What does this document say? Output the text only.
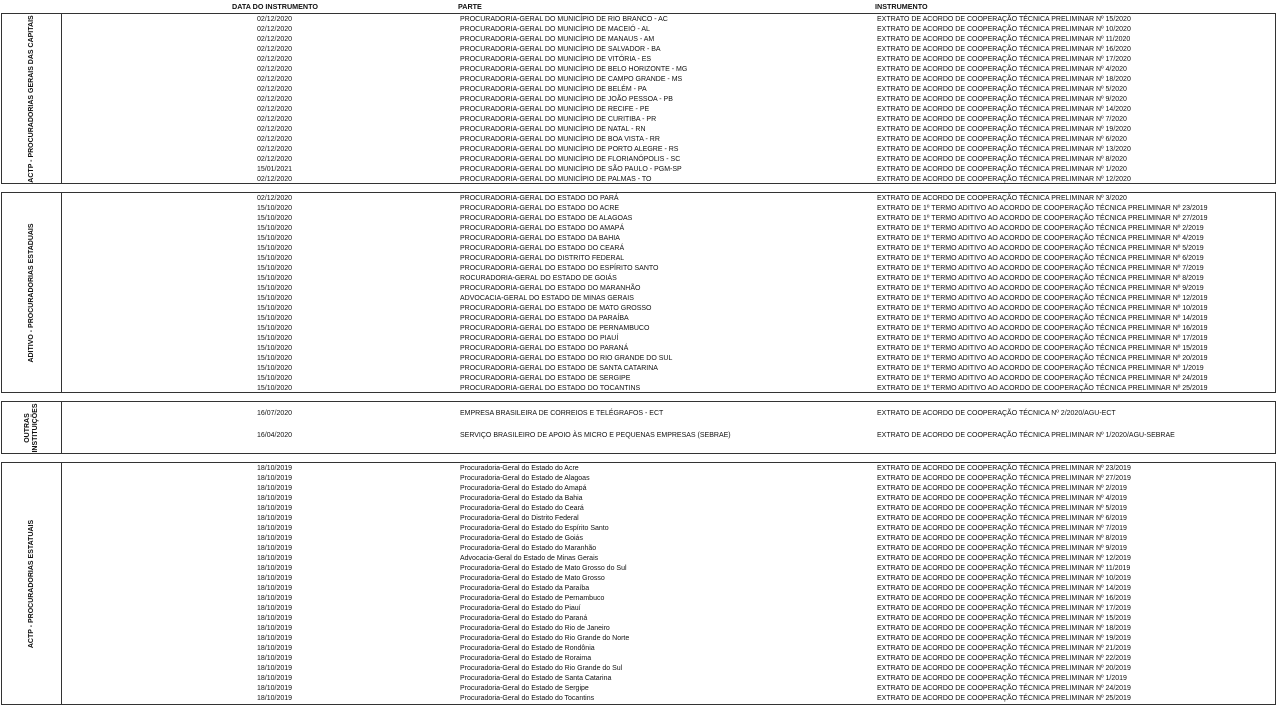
DATA DO INSTRUMENTO	PARTE	INSTRUMENTO
ACTP - PROCURADORIAS GERAIS DAS CAPITAIS	02/12/2020	PROCURADORIA-GERAL DO MUNICÍPIO DE RIO BRANCO - AC	EXTRATO DE ACORDO DE COOPERAÇÃO TÉCNICA PRELIMINAR Nº 15/2020
02/12/2020	PROCURADORIA-GERAL DO MUNICÍPIO DE MACEIÓ - AL	EXTRATO DE ACORDO DE COOPERAÇÃO TÉCNICA PRELIMINAR Nº 10/2020
02/12/2020	PROCURADORIA-GERAL DO MUNICÍPIO DE MANAUS - AM	EXTRATO DE ACORDO DE COOPERAÇÃO TÉCNICA PRELIMINAR Nº 11/2020
02/12/2020	PROCURADORIA-GERAL DO MUNICÍPIO DE SALVADOR - BA	EXTRATO DE ACORDO DE COOPERAÇÃO TÉCNICA PRELIMINAR Nº 16/2020
02/12/2020	PROCURADORIA-GERAL DO MUNICÍPIO DE VITÓRIA - ES	EXTRATO DE ACORDO DE COOPERAÇÃO TÉCNICA PRELIMINAR Nº 17/2020
02/12/2020	PROCURADORIA-GERAL DO MUNICÍPIO DE BELO HORIZONTE - MG	EXTRATO DE ACORDO DE COOPERAÇÃO TÉCNICA PRELIMINAR Nº 4/2020
02/12/2020	PROCURADORIA-GERAL DO MUNICÍPIO DE CAMPO GRANDE - MS	EXTRATO DE ACORDO DE COOPERAÇÃO TÉCNICA PRELIMINAR Nº 18/2020
02/12/2020	PROCURADORIA-GERAL DO MUNICÍPIO DE BELÉM - PA	EXTRATO DE ACORDO DE COOPERAÇÃO TÉCNICA PRELIMINAR Nº 5/2020
02/12/2020	PROCURADORIA-GERAL DO MUNICÍPIO DE JOÃO PESSOA - PB	EXTRATO DE ACORDO DE COOPERAÇÃO TÉCNICA PRELIMINAR Nº 9/2020
02/12/2020	PROCURADORIA-GERAL DO MUNICÍPIO DE RECIFE - PE	EXTRATO DE ACORDO DE COOPERAÇÃO TÉCNICA PRELIMINAR Nº 14/2020
02/12/2020	PROCURADORIA-GERAL DO MUNICÍPIO DE CURITIBA - PR	EXTRATO DE ACORDO DE COOPERAÇÃO TÉCNICA PRELIMINAR Nº 7/2020
02/12/2020	PROCURADORIA-GERAL DO MUNICÍPIO DE NATAL - RN	EXTRATO DE ACORDO DE COOPERAÇÃO TÉCNICA PRELIMINAR Nº 19/2020
02/12/2020	PROCURADORIA-GERAL DO MUNICÍPIO DE BOA VISTA - RR	EXTRATO DE ACORDO DE COOPERAÇÃO TÉCNICA PRELIMINAR Nº 6/2020
02/12/2020	PROCURADORIA-GERAL DO MUNICÍPIO DE PORTO ALEGRE - RS	EXTRATO DE ACORDO DE COOPERAÇÃO TÉCNICA PRELIMINAR Nº 13/2020
02/12/2020	PROCURADORIA-GERAL DO MUNICÍPIO DE FLORIANÓPOLIS - SC	EXTRATO DE ACORDO DE COOPERAÇÃO TÉCNICA PRELIMINAR Nº 8/2020
15/01/2021	PROCURADORIA-GERAL DO MUNICÍPIO DE SÃO PAULO - PGM-SP	EXTRATO DE ACORDO DE COOPERAÇÃO TÉCNICA PRELIMINAR Nº 1/2020
02/12/2020	PROCURADORIA-GERAL DO MUNICÍPIO DE PALMAS - TO	EXTRATO DE ACORDO DE COOPERAÇÃO TÉCNICA PRELIMINAR Nº 12/2020
ADITIVO - PROCURADORIAS ESTADUAIS
02/12/2020	PROCURADORIA-GERAL DO ESTADO DO PARÁ	EXTRATO DE ACORDO DE COOPERAÇÃO TÉCNICA PRELIMINAR Nº 3/2020
15/10/2020	PROCURADORIA-GERAL DO ESTADO DO ACRE	EXTRATO DE 1º TERMO ADITIVO AO ACORDO DE COOPERAÇÃO TÉCNICA PRELIMINAR Nº 23/2019
15/10/2020	PROCURADORIA-GERAL DO ESTADO DE ALAGOAS	EXTRATO DE 1º TERMO ADITIVO AO ACORDO DE COOPERAÇÃO TÉCNICA PRELIMINAR Nº 27/2019
15/10/2020	PROCURADORIA-GERAL DO ESTADO DO AMAPÁ	EXTRATO DE 1º TERMO ADITIVO AO ACORDO DE COOPERAÇÃO TÉCNICA PRELIMINAR Nº 2/2019
15/10/2020	PROCURADORIA-GERAL DO ESTADO DA BAHIA	EXTRATO DE 1º TERMO ADITIVO AO ACORDO DE COOPERAÇÃO TÉCNICA PRELIMINAR Nº 4/2019
15/10/2020	PROCURADORIA-GERAL DO ESTADO DO CEARÁ	EXTRATO DE 1º TERMO ADITIVO AO ACORDO DE COOPERAÇÃO TÉCNICA PRELIMINAR Nº 5/2019
15/10/2020	PROCURADORIA-GERAL DO DISTRITO FEDERAL	EXTRATO DE 1º TERMO ADITIVO AO ACORDO DE COOPERAÇÃO TÉCNICA PRELIMINAR Nº 6/2019
15/10/2020	PROCURADORIA-GERAL DO ESTADO DO ESPÍRITO SANTO	EXTRATO DE 1º TERMO ADITIVO AO ACORDO DE COOPERAÇÃO TÉCNICA PRELIMINAR Nº 7/2019
15/10/2020	ROCURADORIA-GERAL DO ESTADO DE GOIÁS	EXTRATO DE 1º TERMO ADITIVO AO ACORDO DE COOPERAÇÃO TÉCNICA PRELIMINAR Nº 8/2019
15/10/2020	PROCURADORIA-GERAL DO ESTADO DO MARANHÃO	EXTRATO DE 1º TERMO ADITIVO AO ACORDO DE COOPERAÇÃO TÉCNICA PRELIMINAR Nº 9/2019
15/10/2020	ADVOCACIA-GERAL DO ESTADO DE MINAS GERAIS	EXTRATO DE 1º TERMO ADITIVO AO ACORDO DE COOPERAÇÃO TÉCNICA PRELIMINAR Nº 12/2019
15/10/2020	PROCURADORIA-GERAL DO ESTADO DE MATO GROSSO	EXTRATO DE 1º TERMO ADITIVO AO ACORDO DE COOPERAÇÃO TÉCNICA PRELIMINAR Nº 10/2019
15/10/2020	PROCURADORIA-GERAL DO ESTADO DA PARAÍBA	EXTRATO DE 1º TERMO ADITIVO AO ACORDO DE COOPERAÇÃO TÉCNICA PRELIMINAR Nº 14/2019
15/10/2020	PROCURADORIA-GERAL DO ESTADO DE PERNAMBUCO	EXTRATO DE 1º TERMO ADITIVO AO ACORDO DE COOPERAÇÃO TÉCNICA PRELIMINAR Nº 16/2019
15/10/2020	PROCURADORIA-GERAL DO ESTADO DO PIAUÍ	EXTRATO DE 1º TERMO ADITIVO AO ACORDO DE COOPERAÇÃO TÉCNICA PRELIMINAR Nº 17/2019
15/10/2020	PROCURADORIA-GERAL DO ESTADO DO PARANÁ	EXTRATO DE 1º TERMO ADITIVO AO ACORDO DE COOPERAÇÃO TÉCNICA PRELIMINAR Nº 15/2019
15/10/2020	PROCURADORIA-GERAL DO ESTADO DO RIO GRANDE DO SUL	EXTRATO DE 1º TERMO ADITIVO AO ACORDO DE COOPERAÇÃO TÉCNICA PRELIMINAR Nº 20/2019
15/10/2020	PROCURADORIA-GERAL DO ESTADO DE SANTA CATARINA	EXTRATO DE 1º TERMO ADITIVO AO ACORDO DE COOPERAÇÃO TÉCNICA PRELIMINAR Nº 1/2019
15/10/2020	PROCURADORIA-GERAL DO ESTADO DE SERGIPE	EXTRATO DE 1º TERMO ADITIVO AO ACORDO DE COOPERAÇÃO TÉCNICA PRELIMINAR Nº 24/2019
15/10/2020	PROCURADORIA-GERAL DO ESTADO DO TOCANTINS	EXTRATO DE 1º TERMO ADITIVO AO ACORDO DE COOPERAÇÃO TÉCNICA PRELIMINAR Nº 25/2019
OUTRAS INSTITUIÇÕES	16/07/2020	EMPRESA BRASILEIRA DE CORREIOS E TELÉGRAFOS - ECT	EXTRATO DE ACORDO DE COOPERAÇÃO TÉCNICA Nº 2/2020/AGU-ECT
16/04/2020	SERVIÇO BRASILEIRO DE APOIO ÀS MICRO E PEQUENAS EMPRESAS (SEBRAE)	EXTRATO DE ACORDO DE COOPERAÇÃO TÉCNICA PRELIMINAR Nº 1/2020/AGU-SEBRAE
ACTP - PROCURADORIAS ESTATUAIS
18/10/2019	Procuradoria-Geral do Estado do Acre	EXTRATO DE ACORDO DE COOPERAÇÃO TÉCNICA PRELIMINAR Nº 23/2019
18/10/2019	Procuradoria-Geral do Estado de Alagoas	EXTRATO DE ACORDO DE COOPERAÇÃO TÉCNICA PRELIMINAR Nº 27/2019
18/10/2019	Procuradoria-Geral do Estado do Amapá	EXTRATO DE ACORDO DE COOPERAÇÃO TÉCNICA PRELIMINAR Nº 2/2019
18/10/2019	Procuradoria-Geral do Estado da Bahia	EXTRATO DE ACORDO DE COOPERAÇÃO TÉCNICA PRELIMINAR Nº 4/2019
18/10/2019	Procuradoria-Geral do Estado do Ceará	EXTRATO DE ACORDO DE COOPERAÇÃO TÉCNICA PRELIMINAR Nº 5/2019
18/10/2019	Procuradoria-Geral do Distrito Federal	EXTRATO DE ACORDO DE COOPERAÇÃO TÉCNICA PRELIMINAR Nº 6/2019
18/10/2019	Procuradoria-Geral do Estado do Espírito Santo	EXTRATO DE ACORDO DE COOPERAÇÃO TÉCNICA PRELIMINAR Nº 7/2019
18/10/2019	Procuradoria-Geral do Estado de Goiás	EXTRATO DE ACORDO DE COOPERAÇÃO TÉCNICA PRELIMINAR Nº 8/2019
18/10/2019	Procuradoria-Geral do Estado do Maranhão	EXTRATO DE ACORDO DE COOPERAÇÃO TÉCNICA PRELIMINAR Nº 9/2019
18/10/2019	Advocacia-Geral do Estado de Minas Gerais	EXTRATO DE ACORDO DE COOPERAÇÃO TÉCNICA PRELIMINAR Nº 12/2019
18/10/2019	Procuradoria-Geral do Estado de Mato Grosso do Sul	EXTRATO DE ACORDO DE COOPERAÇÃO TÉCNICA PRELIMINAR Nº 11/2019
18/10/2019	Procuradoria-Geral do Estado de Mato Grosso	EXTRATO DE ACORDO DE COOPERAÇÃO TÉCNICA PRELIMINAR Nº 10/2019
18/10/2019	Procuradoria-Geral do Estado da Paraíba	EXTRATO DE ACORDO DE COOPERAÇÃO TÉCNICA PRELIMINAR Nº 14/2019
18/10/2019	Procuradoria-Geral do Estado de Pernambuco	EXTRATO DE ACORDO DE COOPERAÇÃO TÉCNICA PRELIMINAR Nº 16/2019
18/10/2019	Procuradoria-Geral do Estado do Piauí	EXTRATO DE ACORDO DE COOPERAÇÃO TÉCNICA PRELIMINAR Nº 17/2019
18/10/2019	Procuradoria-Geral do Estado do Paraná	EXTRATO DE ACORDO DE COOPERAÇÃO TÉCNICA PRELIMINAR Nº 15/2019
18/10/2019	Procuradoria-Geral do Estado do Rio de Janeiro	EXTRATO DE ACORDO DE COOPERAÇÃO TÉCNICA PRELIMINAR Nº 18/2019
18/10/2019	Procuradoria-Geral do Estado do Rio Grande do Norte	EXTRATO DE ACORDO DE COOPERAÇÃO TÉCNICA PRELIMINAR Nº 19/2019
18/10/2019	Procuradoria-Geral do Estado de Rondônia	EXTRATO DE ACORDO DE COOPERAÇÃO TÉCNICA PRELIMINAR Nº 21/2019
18/10/2019	Procuradoria-Geral do Estado de Roraima	EXTRATO DE ACORDO DE COOPERAÇÃO TÉCNICA PRELIMINAR Nº 22/2019
18/10/2019	Procuradoria-Geral do Estado do Rio Grande do Sul	EXTRATO DE ACORDO DE COOPERAÇÃO TÉCNICA PRELIMINAR Nº 20/2019
18/10/2019	Procuradoria-Geral do Estado de Santa Catarina	EXTRATO DE ACORDO DE COOPERAÇÃO TÉCNICA PRELIMINAR Nº 1/2019
18/10/2019	Procuradoria-Geral do Estado de Sergipe	EXTRATO DE ACORDO DE COOPERAÇÃO TÉCNICA PRELIMINAR Nº 24/2019
18/10/2019	Procuradoria-Geral do Estado do Tocantins	EXTRATO DE ACORDO DE COOPERAÇÃO TÉCNICA PRELIMINAR Nº 25/2019
